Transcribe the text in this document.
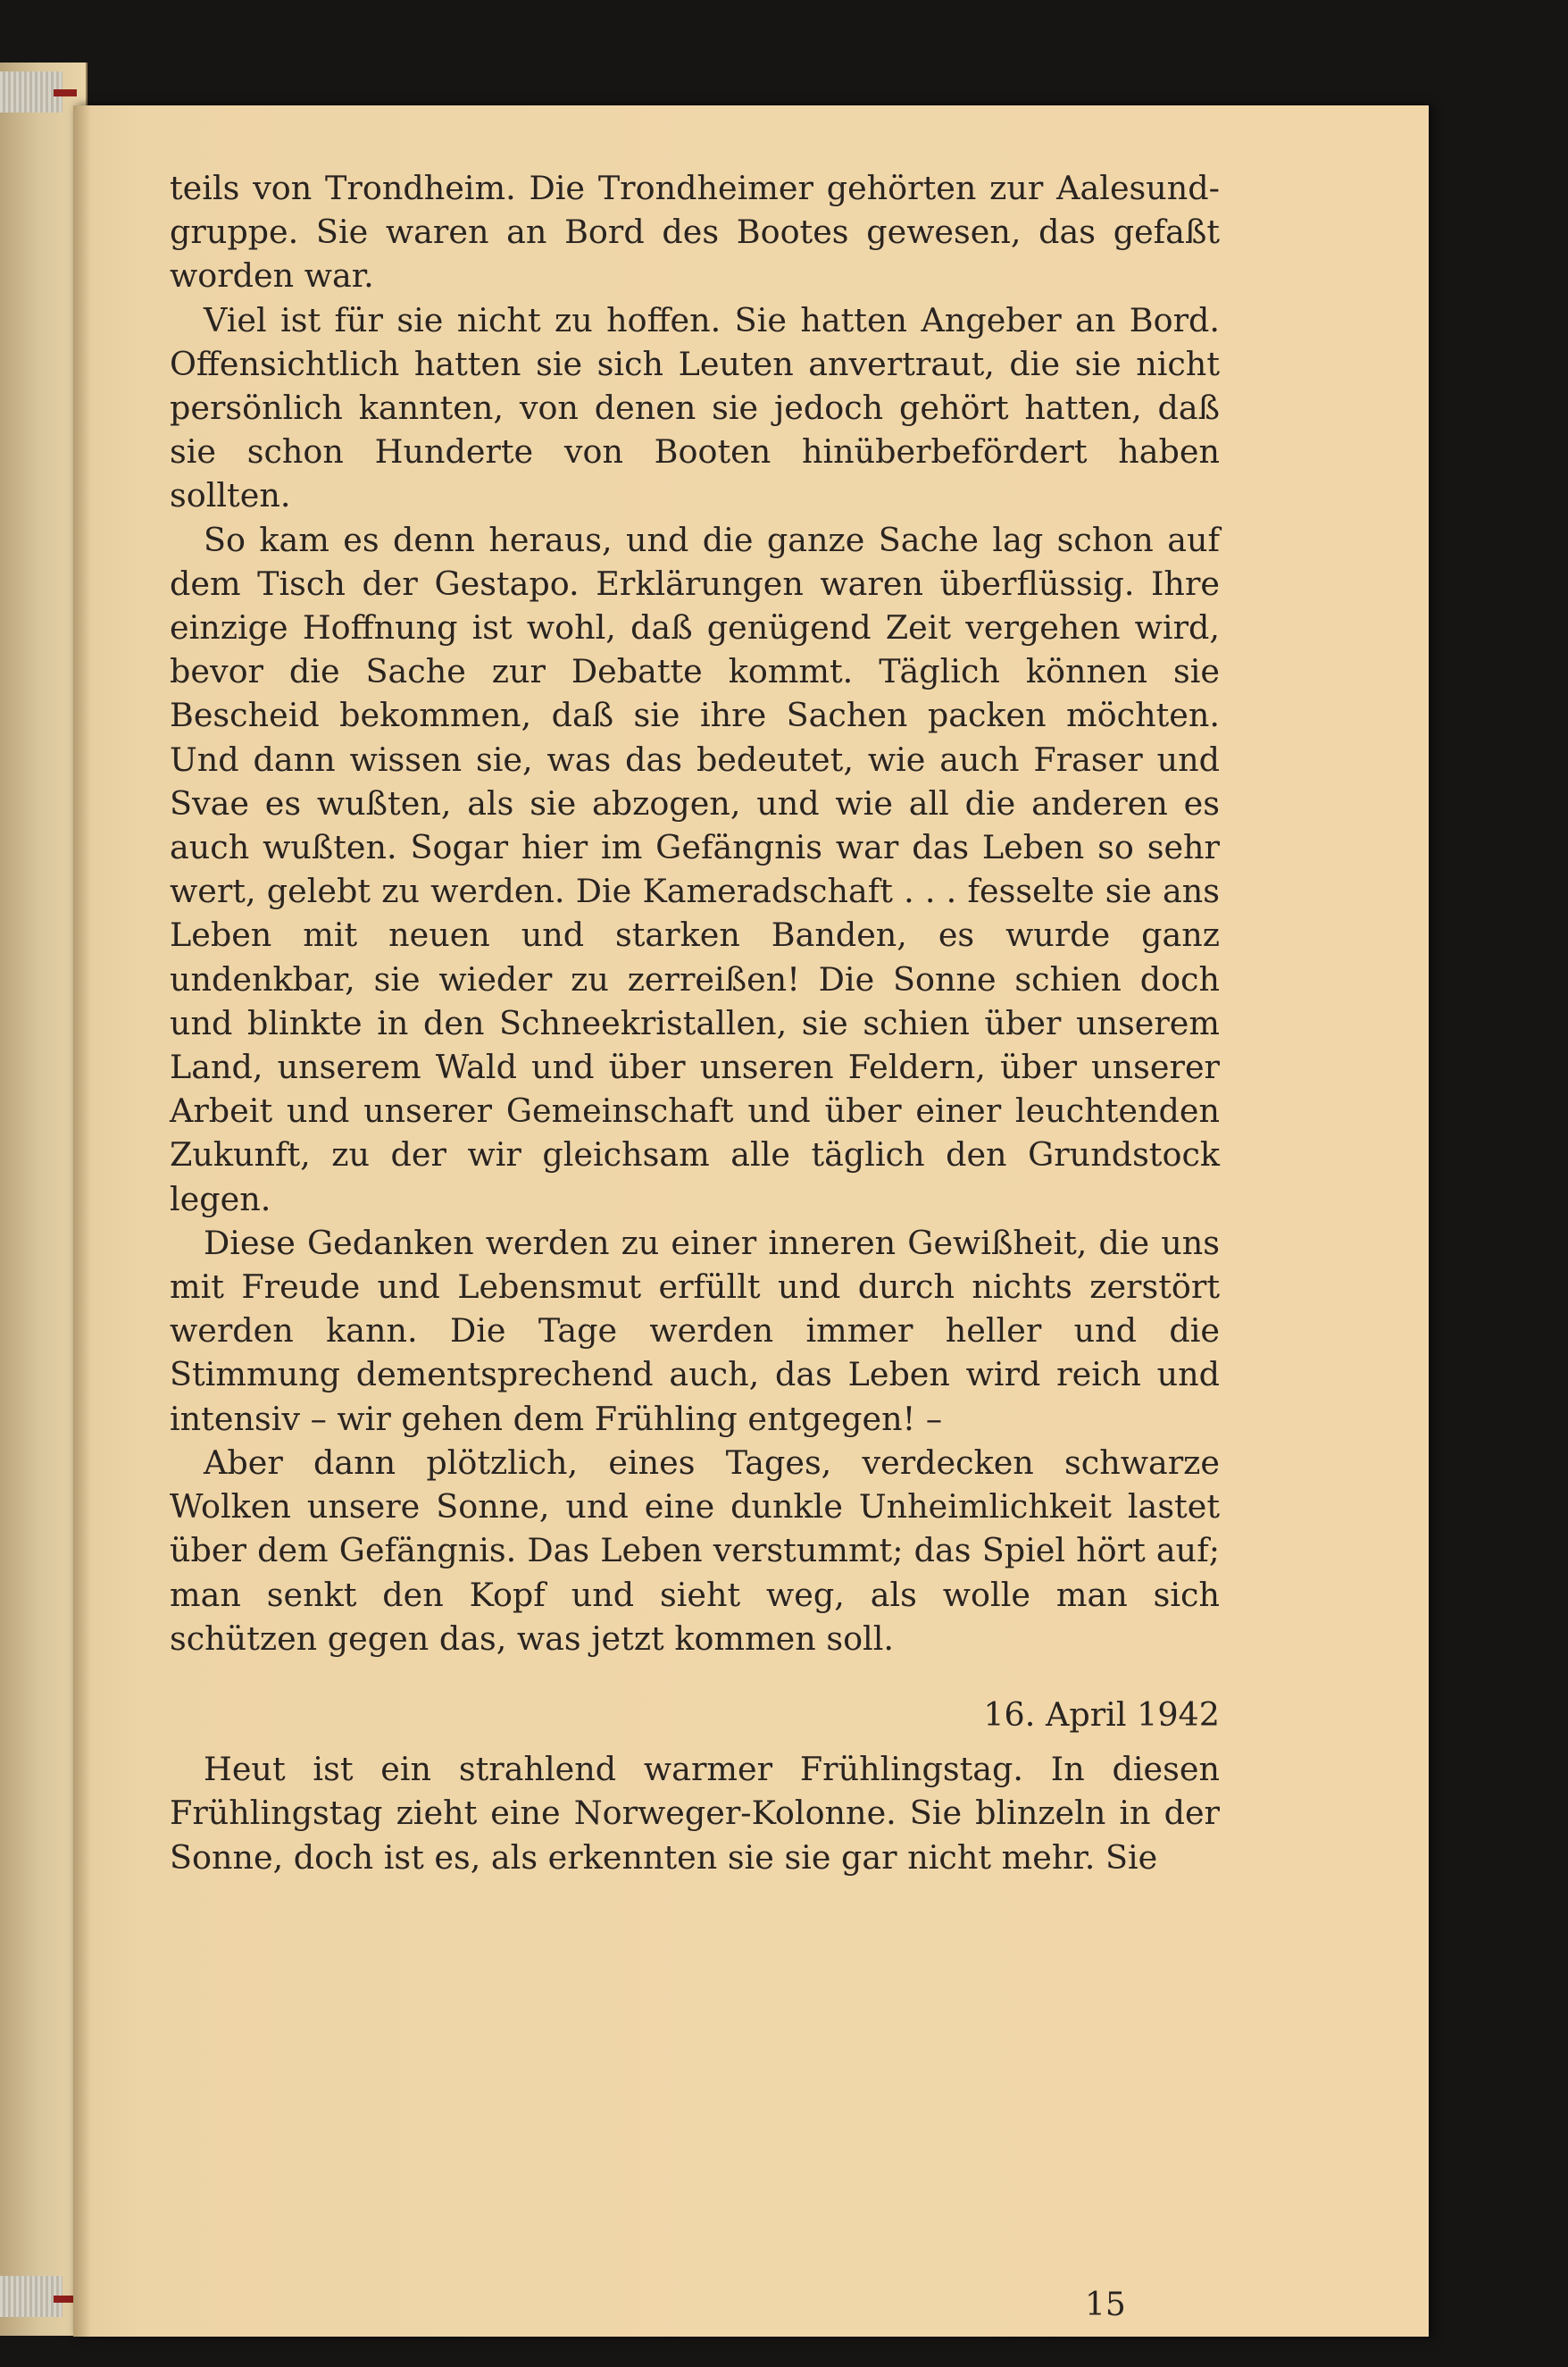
teils von Trondheim. Die Trondheimer gehörten zur Aalesund-gruppe. Sie waren an Bord des Bootes gewesen, das gefaßt worden war.

Viel ist für sie nicht zu hoffen. Sie hatten Angeber an Bord. Offensichtlich hatten sie sich Leuten anvertraut, die sie nicht persönlich kannten, von denen sie jedoch gehört hatten, daß sie schon Hunderte von Booten hinüberbefördert haben sollten.

So kam es denn heraus, und die ganze Sache lag schon auf dem Tisch der Gestapo. Erklärungen waren überflüssig. Ihre einzige Hoffnung ist wohl, daß genügend Zeit vergehen wird, bevor die Sache zur Debatte kommt. Täglich können sie Bescheid bekommen, daß sie ihre Sachen packen möchten. Und dann wissen sie, was das bedeutet, wie auch Fraser und Svae es wußten, als sie abzogen, und wie all die anderen es auch wußten. Sogar hier im Gefängnis war das Leben so sehr wert, gelebt zu werden. Die Kameradschaft . . . fesselte sie ans Leben mit neuen und starken Banden, es wurde ganz undenkbar, sie wieder zu zerreißen! Die Sonne schien doch und blinkte in den Schneekristallen, sie schien über unserem Land, unserem Wald und über unseren Feldern, über unserer Arbeit und unserer Gemeinschaft und über einer leuchtenden Zukunft, zu der wir gleichsam alle täglich den Grundstock legen.

Diese Gedanken werden zu einer inneren Gewißheit, die uns mit Freude und Lebensmut erfüllt und durch nichts zerstört werden kann. Die Tage werden immer heller und die Stimmung dementsprechend auch, das Leben wird reich und intensiv – wir gehen dem Frühling entgegen! –

Aber dann plötzlich, eines Tages, verdecken schwarze Wolken unsere Sonne, und eine dunkle Unheimlichkeit lastet über dem Gefängnis. Das Leben verstummt; das Spiel hört auf; man senkt den Kopf und sieht weg, als wolle man sich schützen gegen das, was jetzt kommen soll.

16. April 1942

Heut ist ein strahlend warmer Frühlingstag. In diesen Frühlingstag zieht eine Norweger-Kolonne. Sie blinzeln in der Sonne, doch ist es, als erkennten sie sie gar nicht mehr. Sie

15
